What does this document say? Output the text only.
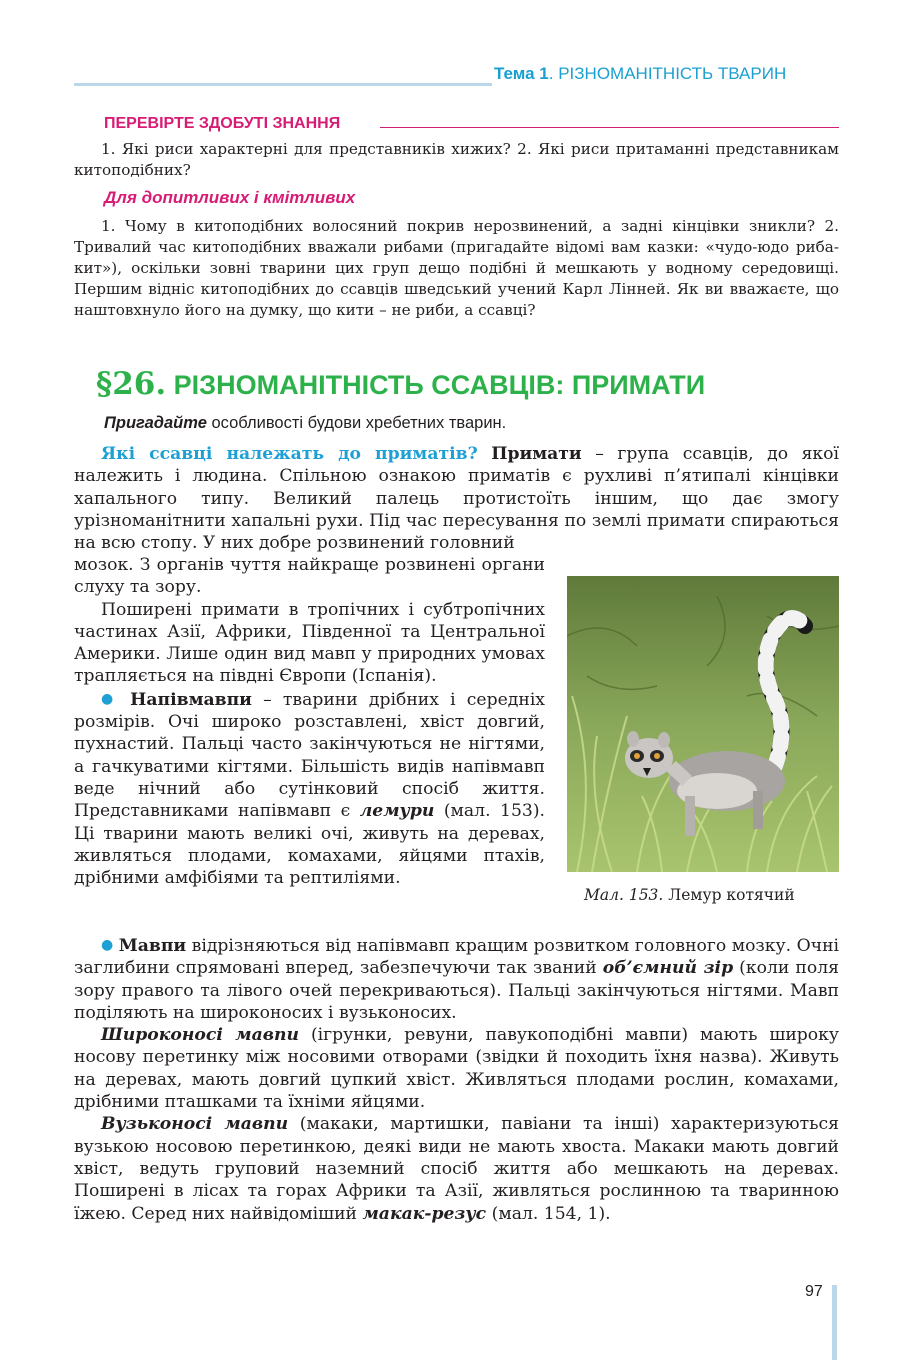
Тема 1. РІЗНОМАНІТНІСТЬ ТВАРИН
ПЕРЕВІРТЕ ЗДОБУТІ ЗНАННЯ

1. Які риси характерні для представників хижих? 2. Які риси притаманні представникам китоподібних?

Для допитливих і кмітливих

1. Чому в китоподібних волосяний покрив нерозвинений, а задні кінцівки зникли? 2. Тривалий час китоподібних вважали рибами (пригадайте відомі вам казки: «чудо-юдо риба-кит»), оскільки зовні тварини цих груп дещо подібні й мешкають у водному середовищі. Першим відніс китоподібних до ссавців шведський учений Карл Лінней. Як ви вважаєте, що наштовхнуло його на думку, що кити – не риби, а ссавці?

§26. РІЗНОМАНІТНІСТЬ ССАВЦІВ: ПРИМАТИ
Пригадайте особливості будови хребетних тварин.

Які ссавці належать до приматів? Примати – група ссавців, до якої належить і людина. Спільною ознакою приматів є рухливі п’ятипалі кінцівки хапального типу. Великий палець протистоїть іншим, що дає змогу урізноманітнити хапальні рухи. Під час пересування по землі примати спираються на всю стопу. У них добре розвинений головний

мозок. З органів чуття найкраще розвинені органи слуху та зору.

Поширені примати в тропічних і субтропічних частинах Азії, Африки, Південної та Центральної Америки. Лише один вид мавп у природних умовах трапляється на півдні Європи (Іспанія).

● Напівмавпи – тварини дрібних і середніх розмірів. Очі широко розставлені, хвіст довгий, пухнастий. Пальці часто закінчуються не нігтями, а гачкуватими кігтями. Більшість видів напівмавп веде нічний або сутінковий спосіб життя. Представниками напівмавп є лемури (мал. 153). Ці тварини мають великі очі, живуть на деревах, живляться плодами, комахами, яйцями птахів, дрібними амфібіями та рептиліями.

Мал. 153. Лемур котячий

● Мавпи відрізняються від напівмавп кращим розвитком головного мозку. Очні заглибини спрямовані вперед, забезпечуючи так званий об’ємний зір (коли поля зору правого та лівого очей перекриваються). Пальці закінчуються нігтями. Мавп поділяють на широконосих і вузьконосих.

Широконосі мавпи (ігрунки, ревуни, павукоподібні мавпи) мають широку носову перетинку між носовими отворами (звідки й походить їхня назва). Живуть на деревах, мають довгий цупкий хвіст. Живляться плодами рослин, комахами, дрібними пташками та їхніми яйцями.

Вузьконосі мавпи (макаки, мартишки, павіани та інші) характеризуються вузькою носовою перетинкою, деякі види не мають хвоста. Макаки мають довгий хвіст, ведуть груповий наземний спосіб життя або мешкають на деревах. Поширені в лісах та горах Африки та Азії, живляться рослинною та тваринною їжею. Серед них найвідоміший макак-резус (мал. 154, 1).

97
